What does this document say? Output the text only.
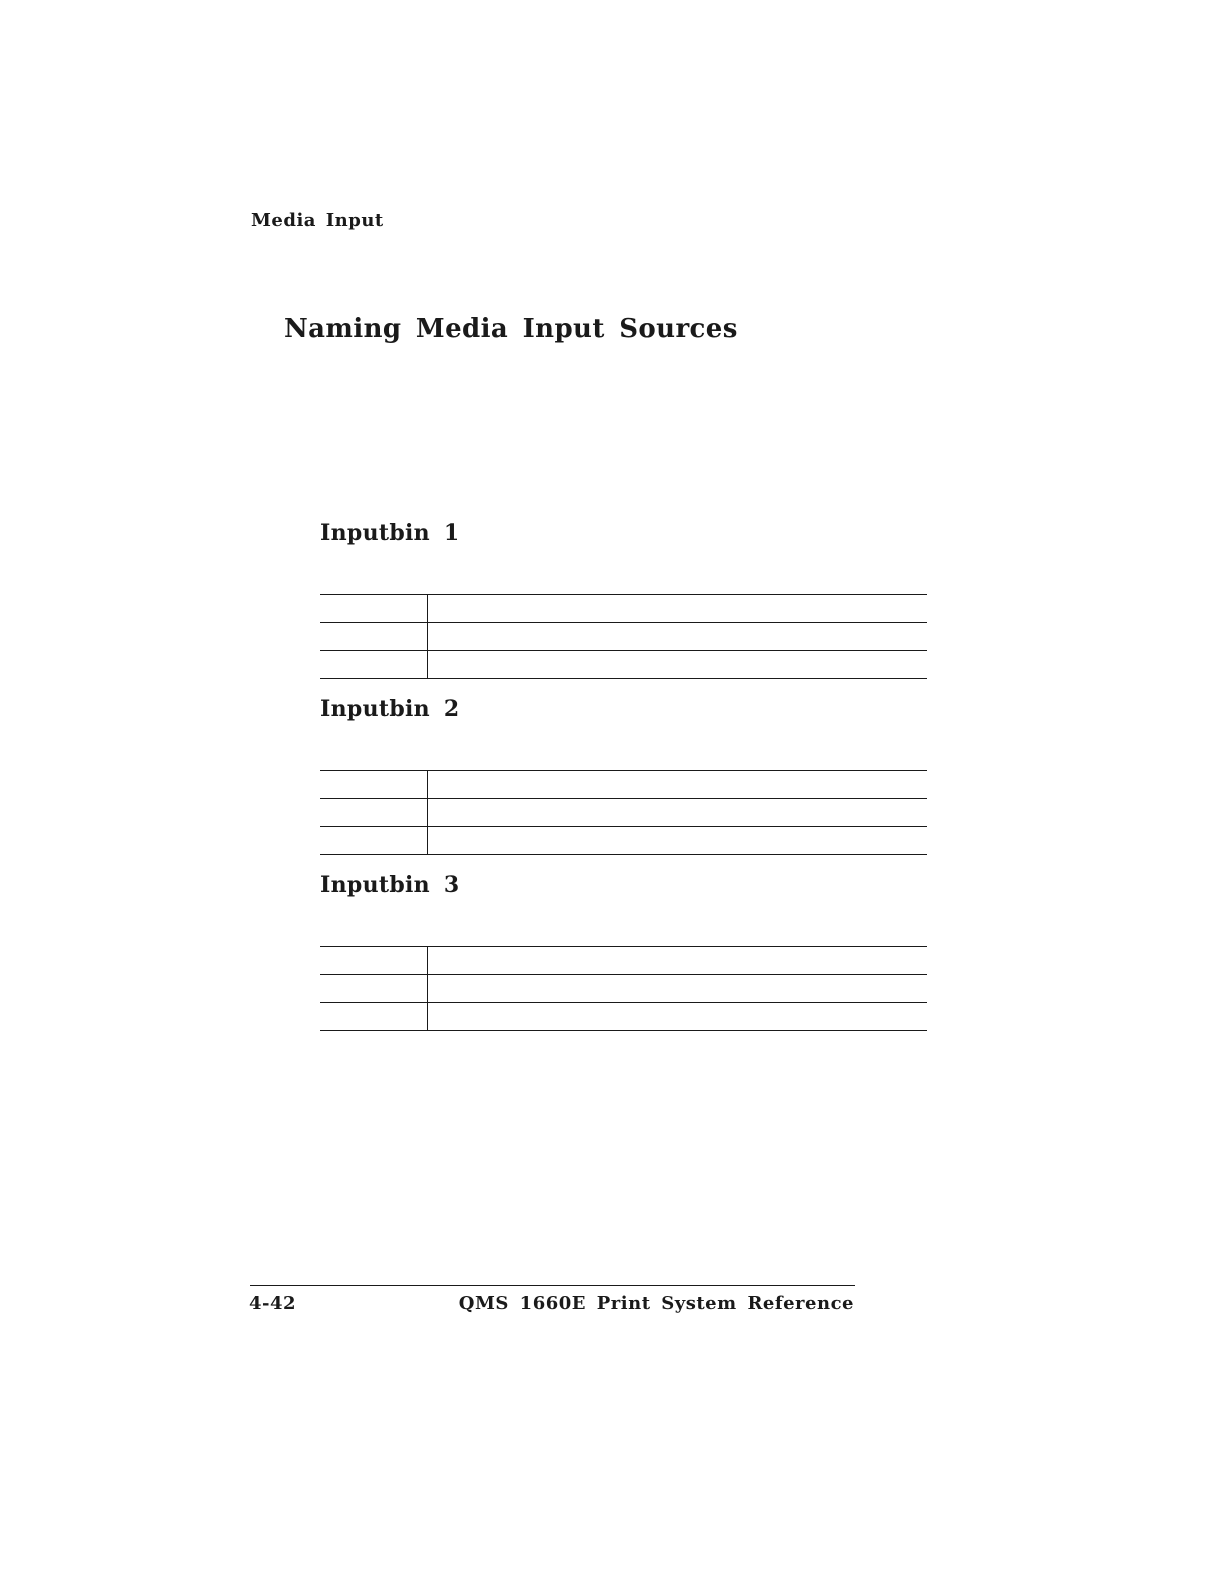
Media Input
Naming Media Input Sources
Inputbin 1

Inputbin 2

Inputbin 3

4-42	QMS 1660E Print System Reference
